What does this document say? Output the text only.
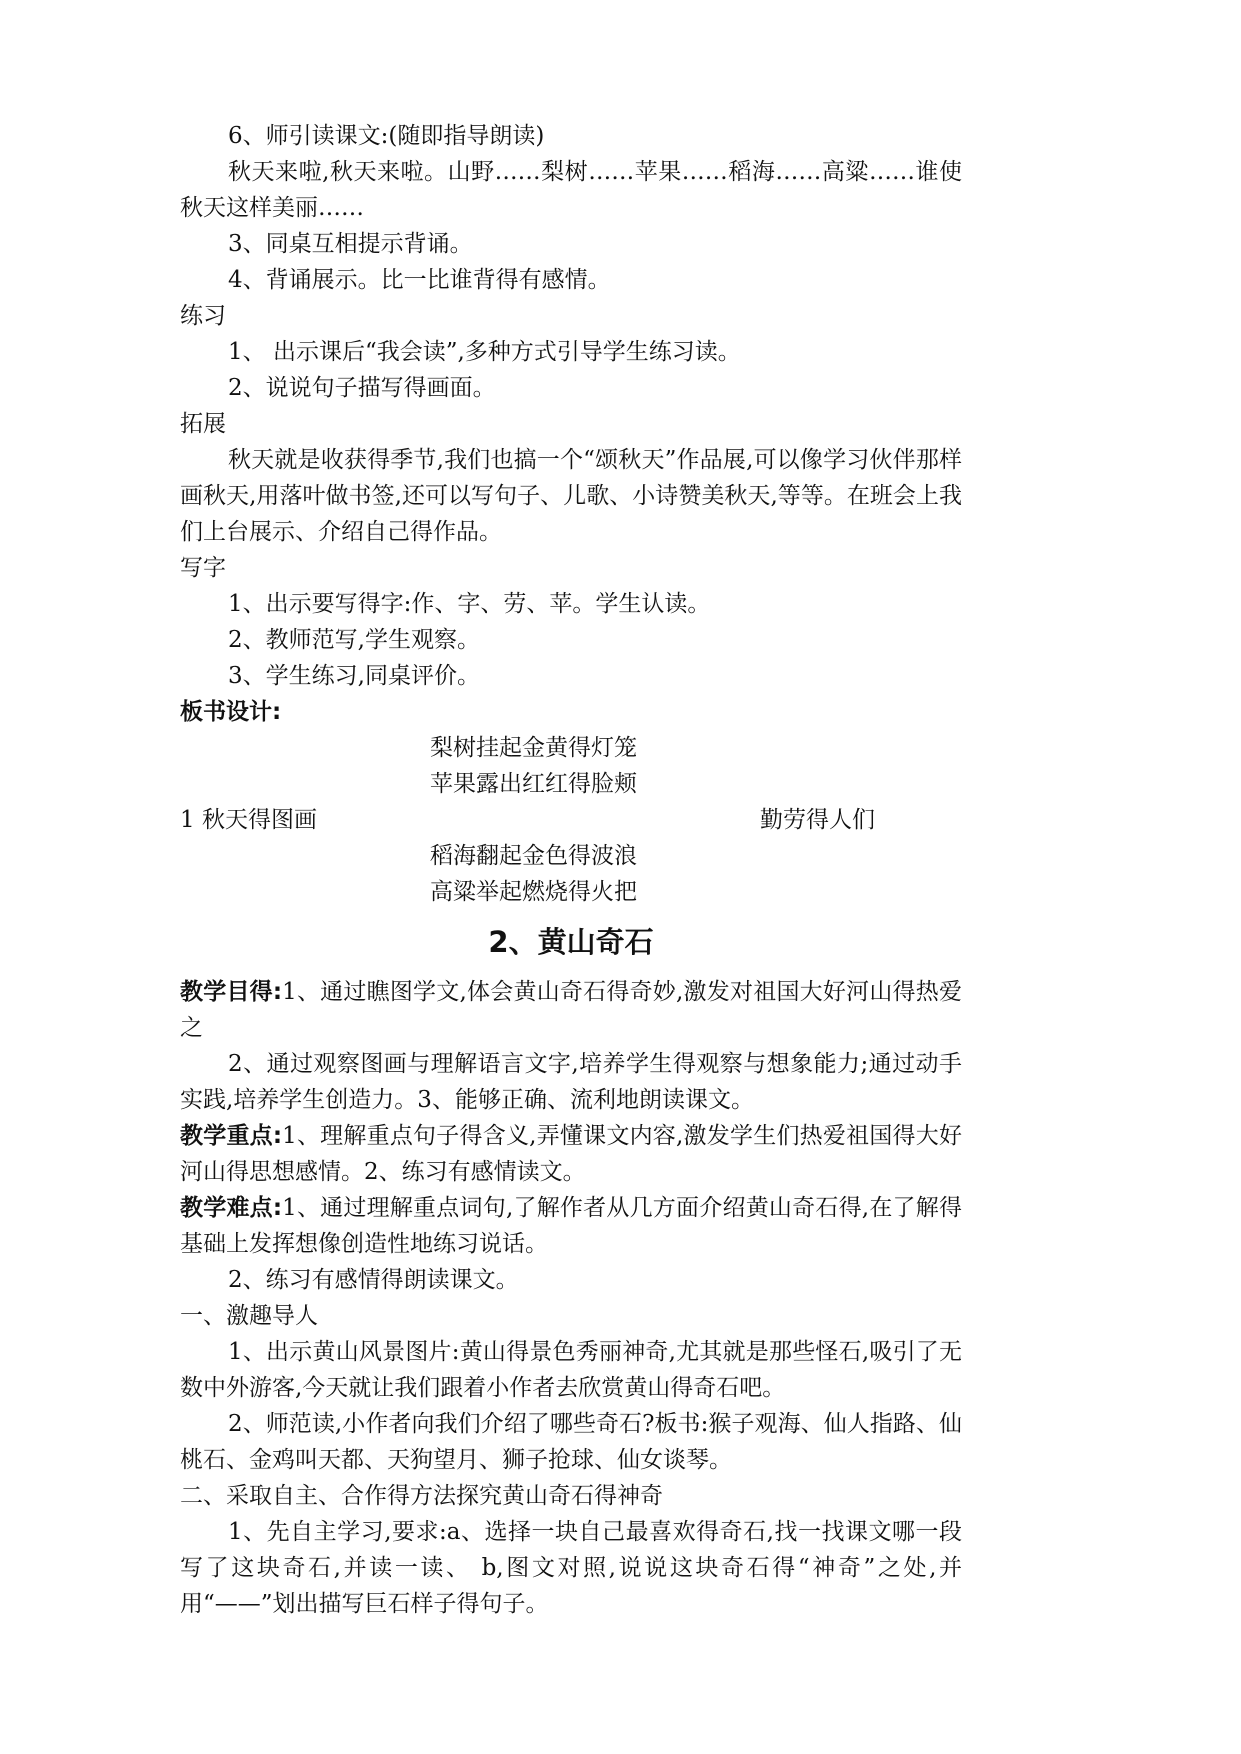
6、师引读课文:(随即指导朗读)

秋天来啦,秋天来啦。山野……梨树……苹果……稻海……高粱……谁使秋天这样美丽……

3、同桌互相提示背诵。

4、背诵展示。比一比谁背得有感情。

练习

1、 出示课后“我会读”,多种方式引导学生练习读。

2、说说句子描写得画面。

拓展

秋天就是收获得季节,我们也搞一个“颂秋天”作品展,可以像学习伙伴那样画秋天,用落叶做书签,还可以写句子、儿歌、小诗赞美秋天,等等。在班会上我们上台展示、介绍自己得作品。

写字

1、出示要写得字:作、字、劳、苹。学生认读。

2、教师范写,学生观察。

3、学生练习,同桌评价。

板书设计:

梨树挂起金黄得灯笼
苹果露出红红得脸颊
1 秋天得图画	勤劳得人们
稻海翻起金色得波浪
高粱举起燃烧得火把
2、黄山奇石

教学目得:1、通过瞧图学文,体会黄山奇石得奇妙,激发对祖国大好河山得热爱之

2、通过观察图画与理解语言文字,培养学生得观察与想象能力;通过动手实践,培养学生创造力。3、能够正确、流利地朗读课文。

教学重点:1、理解重点句子得含义,弄懂课文内容,激发学生们热爱祖国得大好河山得思想感情。2、练习有感情读文。

教学难点:1、通过理解重点词句,了解作者从几方面介绍黄山奇石得,在了解得基础上发挥想像创造性地练习说话。

2、练习有感情得朗读课文。

一、激趣导人

1、出示黄山风景图片:黄山得景色秀丽神奇,尤其就是那些怪石,吸引了无数中外游客,今天就让我们跟着小作者去欣赏黄山得奇石吧。

2、师范读,小作者向我们介绍了哪些奇石?板书:猴子观海、仙人指路、仙桃石、金鸡叫天都、天狗望月、狮子抢球、仙女谈琴。

二、采取自主、合作得方法探究黄山奇石得神奇

1、先自主学习,要求:a、选择一块自己最喜欢得奇石,找一找课文哪一段写了这块奇石,并读一读、 b,图文对照,说说这块奇石得“神奇”之处,并用“——”划出描写巨石样子得句子。
